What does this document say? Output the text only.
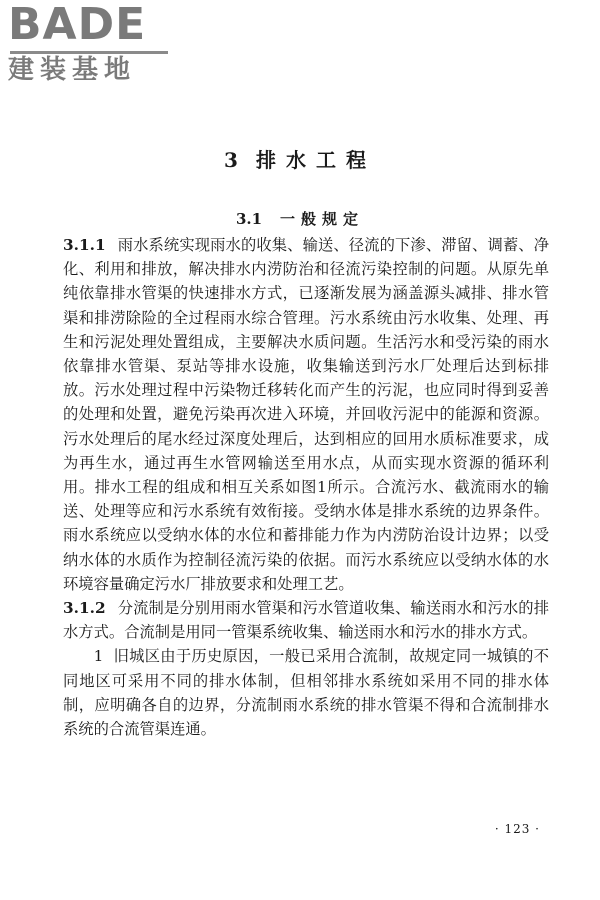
BADE
建装基地
3 排水工程
3.1 一般规定

3.1.1 雨水系统实现雨水的收集、输送、径流的下渗、滞留、调蓄、净化、利用和排放，解决排水内涝防治和径流污染控制的问题。从原先单纯依靠排水管渠的快速排水方式，已逐渐发展为涵盖源头减排、排水管渠和排涝除险的全过程雨水综合管理。污水系统由污水收集、处理、再生和污泥处理处置组成，主要解决水质问题。生活污水和受污染的雨水依靠排水管渠、泵站等排水设施，收集输送到污水厂处理后达到标排放。污水处理过程中污染物迁移转化而产生的污泥，也应同时得到妥善的处理和处置，避免污染再次进入环境，并回收污泥中的能源和资源。污水处理后的尾水经过深度处理后，达到相应的回用水质标准要求，成为再生水，通过再生水管网输送至用水点，从而实现水资源的循环利用。排水工程的组成和相互关系如图1所示。合流污水、截流雨水的输送、处理等应和污水系统有效衔接。受纳水体是排水系统的边界条件。雨水系统应以受纳水体的水位和蓄排能力作为内涝防治设计边界；以受纳水体的水质作为控制径流污染的依据。而污水系统应以受纳水体的水环境容量确定污水厂排放要求和处理工艺。

3.1.2 分流制是分别用雨水管渠和污水管道收集、输送雨水和污水的排水方式。合流制是用同一管渠系统收集、输送雨水和污水的排水方式。

1 旧城区由于历史原因，一般已采用合流制，故规定同一城镇的不同地区可采用不同的排水体制，但相邻排水系统如采用不同的排水体制，应明确各自的边界，分流制雨水系统的排水管渠不得和合流制排水系统的合流管渠连通。

· 123 ·
